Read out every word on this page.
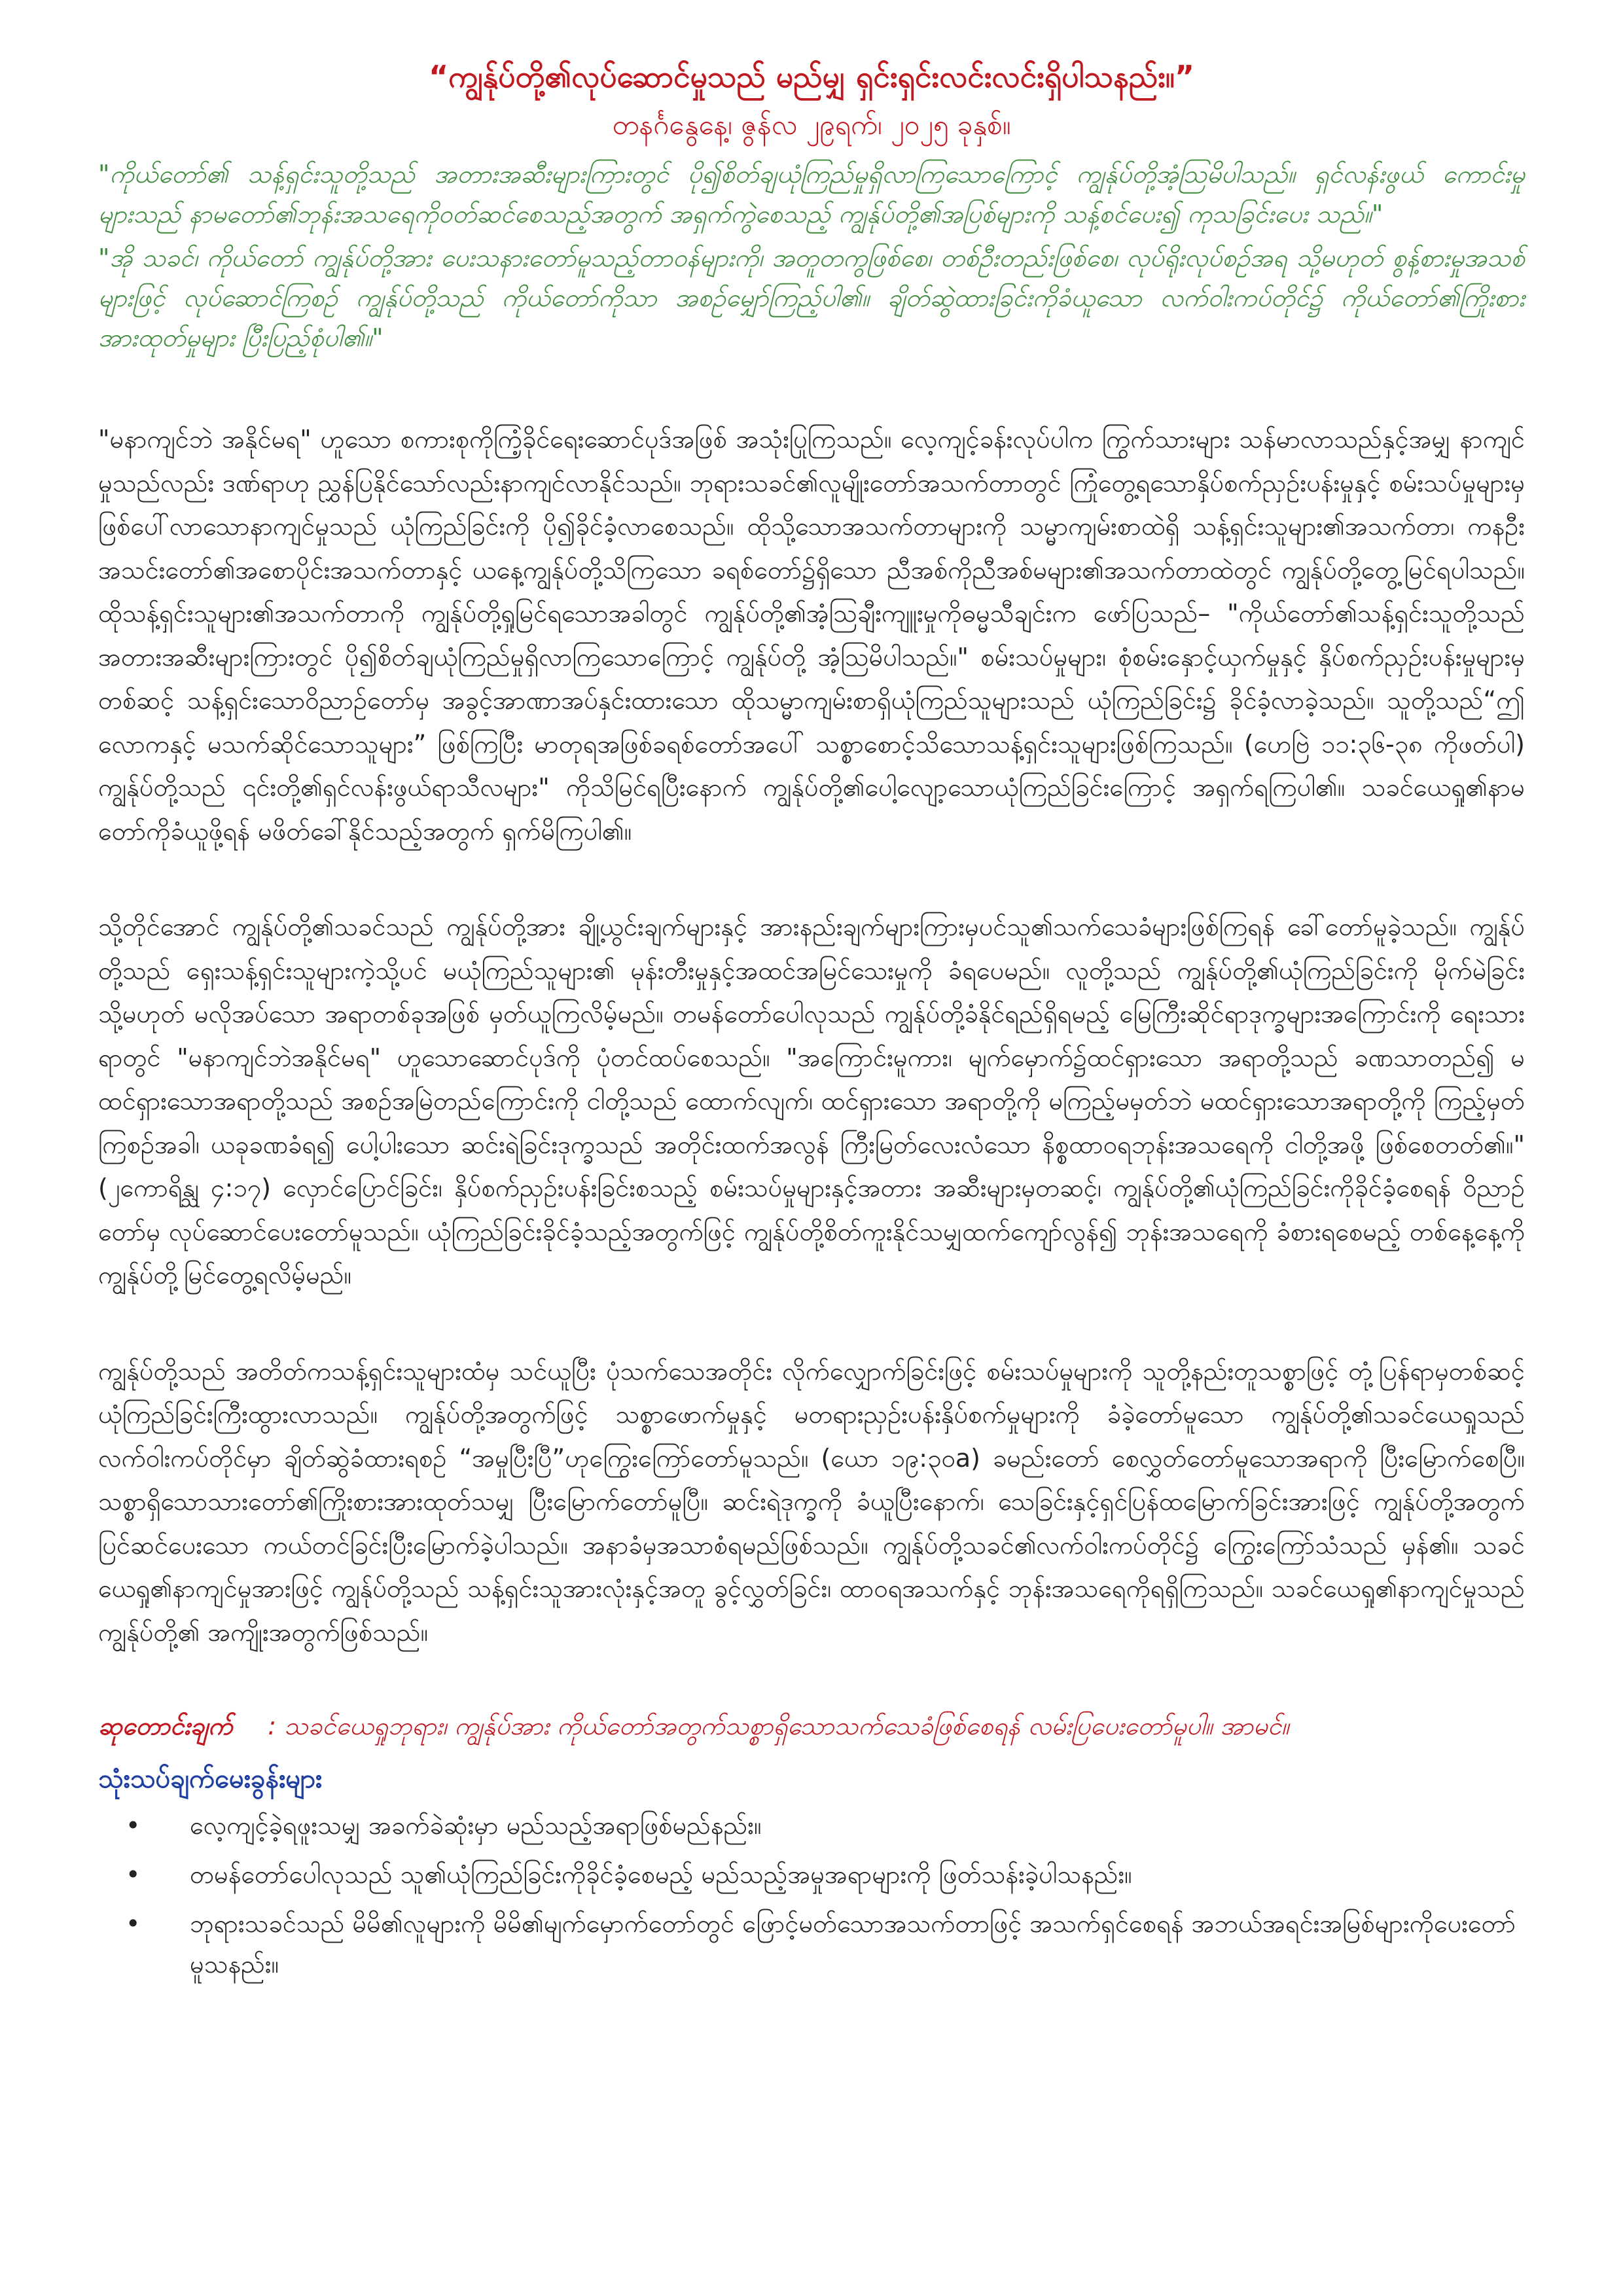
“ကျွန်ုပ်တို့၏လုပ်ဆောင်မှုသည် မည်မျှ ရှင်းရှင်းလင်းလင်းရှိပါသနည်း။”

တနင်္ဂနွေနေ့၊ ဇွန်လ ၂၉ရက်၊ ၂၀၂၅ ခုနှစ်။

"ကိုယ်တော်၏ သန့်ရှင်းသူတို့သည် အတားအဆီးများကြားတွင် ပို၍စိတ်ချယုံကြည်မှုရှိလာကြသောကြောင့် ကျွန်ုပ်တို့အံ့ဩမိပါသည်။ ရှင်လန်းဖွယ် ကောင်းမှုများသည် နာမတော်၏ဘုန်းအသရေကိုဝတ်ဆင်စေသည့်အတွက် အရှက်ကွဲစေသည့် ကျွန်ုပ်တို့၏အပြစ်များကို သန့်စင်ပေး၍ ကုသခြင်းပေး သည်။"

"အို သခင်၊ ကိုယ်တော် ကျွန်ုပ်တို့အား ပေးသနားတော်မူသည့်တာဝန်များကို၊ အတူတကွဖြစ်စေ၊ တစ်ဦးတည်းဖြစ်စေ၊ လုပ်ရိုးလုပ်စဉ်အရ သို့မဟုတ် စွန့်စားမှုအသစ်များဖြင့် လုပ်ဆောင်ကြစဉ် ကျွန်ုပ်တို့သည် ကိုယ်တော်ကိုသာ အစဉ်မျှော်ကြည့်ပါ၏။ ချိတ်ဆွဲထားခြင်းကိုခံယူသော လက်ဝါးကပ်တိုင်၌ ကိုယ်တော်၏ကြိုးစားအားထုတ်မှုများ ပြီးပြည့်စုံပါ၏။"

"မနာကျင်ဘဲ အနိုင်မရ" ဟူသော စကားစုကိုကြံ့ခိုင်ရေးဆောင်ပုဒ်အဖြစ် အသုံးပြုကြသည်။ လေ့ကျင့်ခန်းလုပ်ပါက ကြွက်သားများ သန်မာလာသည်နှင့်အမျှ နာကျင်မှုသည်လည်း ဒဏ်ရာဟု ညွှန်ပြနိုင်သော်လည်းနာကျင်လာနိုင်သည်။ ဘုရားသခင်၏လူမျိုးတော်အသက်တာတွင် ကြုံတွေ့ရသောနှိပ်စက်ညှဉ်းပန်းမှုနှင့် စမ်းသပ်မှုများမှ ဖြစ်ပေါ်လာသောနာကျင်မှုသည် ယုံကြည်ခြင်းကို ပို၍ခိုင်ခံ့လာစေသည်။ ထိုသို့သောအသက်တာများကို သမ္မာကျမ်းစာထဲရှိ သန့်ရှင်းသူများ၏အသက်တာ၊ ကနဦးအသင်းတော်၏အစောပိုင်းအသက်တာနှင့် ယနေ့ကျွန်ုပ်တို့သိကြသော ခရစ်တော်၌ရှိသော ညီအစ်ကိုညီအစ်မများ၏အသက်တာထဲတွင် ကျွန်ုပ်တို့တွေ့မြင်ရပါသည်။ ထိုသန့်ရှင်းသူများ၏အသက်တာကို ကျွန်ုပ်တို့ရှုမြင်ရသောအခါတွင် ကျွန်ုပ်တို့၏အံ့သြချီးကျူးမှုကိုဓမ္မသီချင်းက ဖော်ပြသည်– "ကိုယ်တော်၏သန့်ရှင်းသူတို့သည် အတားအဆီးများကြားတွင် ပို၍စိတ်ချယုံကြည်မှုရှိလာကြသောကြောင့် ကျွန်ုပ်တို့ အံ့သြမိပါသည်။" စမ်းသပ်မှုများ၊ စုံစမ်းနှောင့်ယှက်မှုနှင့် နှိပ်စက်ညှဉ်းပန်းမှုများမှတစ်ဆင့် သန့်ရှင်းသောဝိညာဉ်တော်မှ အခွင့်အာဏာအပ်နှင်းထားသော ထိုသမ္မာကျမ်းစာရှိယုံကြည်သူများသည် ယုံကြည်ခြင်း၌ ခိုင်ခံ့လာခဲ့သည်။ သူတို့သည်“ဤလောကနှင့် မသက်ဆိုင်သောသူများ” ဖြစ်ကြပြီး မာတုရအဖြစ်ခရစ်တော်အပေါ် သစ္စာစောင့်သိသောသန့်ရှင်းသူများဖြစ်ကြသည်။ (ဟေဗြဲ ၁၁:၃၆-၃၈ ကိုဖတ်ပါ) ကျွန်ုပ်တို့သည် ၎င်းတို့၏ရှင်လန်းဖွယ်ရာသီလများ" ကိုသိမြင်ရပြီးနောက် ကျွန်ုပ်တို့၏ပေါ့လျော့သောယုံကြည်ခြင်းကြောင့် အရှက်ရကြပါ၏။ သခင်ယေရှု၏နာမတော်ကိုခံယူဖို့ရန် မဖိတ်ခေါ်နိုင်သည့်အတွက် ရှက်မိကြပါ၏။

သို့တိုင်အောင် ကျွန်ုပ်တို့၏သခင်သည် ကျွန်ုပ်တို့အား ချို့ယွင်းချက်များနှင့် အားနည်းချက်များကြားမှပင်သူ၏သက်သေခံများဖြစ်ကြရန် ခေါ်တော်မူခဲ့သည်။ ကျွန်ုပ်တို့သည် ရှေးသန့်ရှင်းသူများကဲ့သို့ပင် မယုံကြည်သူများ၏ မုန်းတီးမှုနှင့်အထင်အမြင်သေးမှုကို ခံရပေမည်။ လူတို့သည် ကျွန်ုပ်တို့၏ယုံကြည်ခြင်းကို မိုက်မဲခြင်း သို့မဟုတ် မလိုအပ်သော အရာတစ်ခုအဖြစ် မှတ်ယူကြလိမ့်မည်။ တမန်တော်ပေါလုသည် ကျွန်ုပ်တို့ခံနိုင်ရည်ရှိရမည့် မြေကြီးဆိုင်ရာဒုက္ခများအကြောင်းကို ရေးသားရာတွင် "မနာကျင်ဘဲအနိုင်မရ" ဟူသောဆောင်ပုဒ်ကို ပုံတင်ထပ်စေသည်။ "အကြောင်းမူကား၊ မျက်မှောက်၌ထင်ရှားသော အရာတို့သည် ခဏသာတည်၍ မထင်ရှားသောအရာတို့သည် အစဉ်အမြဲတည်ကြောင်းကို ငါတို့သည် ထောက်လျက်၊ ထင်ရှားသော အရာတို့ကို မကြည့်မမှတ်ဘဲ မထင်ရှားသောအရာတို့ကို ကြည့်မှတ်ကြစဉ်အခါ၊ ယခုခဏခံရ၍ ပေါ့ပါးသော ဆင်းရဲခြင်းဒုက္ခသည် အတိုင်းထက်အလွန် ကြီးမြတ်လေးလံသော နိစ္စထာဝရဘုန်းအသရေကို ငါတို့အဖို့ ဖြစ်စေတတ်၏။" (၂ကောရိန္သု ၄:၁၇) လှောင်ပြောင်ခြင်း၊ နှိပ်စက်ညှဉ်းပန်းခြင်းစသည့် စမ်းသပ်မှုများနှင့်အတား အဆီးများမှတဆင့်၊ ကျွန်ုပ်တို့၏ယုံကြည်ခြင်းကိုခိုင်ခံ့စေရန် ဝိညာဉ်တော်မှ လုပ်ဆောင်ပေးတော်မူသည်။ ယုံကြည်ခြင်းခိုင်ခံ့သည့်အတွက်ဖြင့် ကျွန်ုပ်တို့စိတ်ကူးနိုင်သမျှထက်ကျော်လွန်၍ ဘုန်းအသရေကို ခံစားရစေမည့် တစ်နေ့နေ့ကို ကျွန်ုပ်တို့မြင်တွေ့ရလိမ့်မည်။

ကျွန်ုပ်တို့သည် အတိတ်ကသန့်ရှင်းသူများထံမှ သင်ယူပြီး ပုံသက်သေအတိုင်း လိုက်လျှောက်ခြင်းဖြင့် စမ်းသပ်မှုများကို သူတို့နည်းတူသစ္စာဖြင့် တုံ့ပြန်ရာမှတစ်ဆင့် ယုံကြည်ခြင်းကြီးထွားလာသည်။ ကျွန်ုပ်တို့အတွက်ဖြင့် သစ္စာဖောက်မှုနှင့် မတရားညှဉ်းပန်းနှိပ်စက်မှုများကို ခံခဲ့တော်မူသော ကျွန်ုပ်တို့၏သခင်ယေရှုသည် လက်ဝါးကပ်တိုင်မှာ ချိတ်ဆွဲခံထားရစဉ် “အမှုပြီးပြီ”ဟုကြွေးကြော်တော်မူသည်။ (ယော ၁၉:၃၀a) ခမည်းတော် စေလွှတ်တော်မူသောအရာကို ပြီးမြောက်စေပြီ။ သစ္စာရှိသောသားတော်၏ကြိုးစားအားထုတ်သမျှ ပြီးမြောက်တော်မူပြီ။ ဆင်းရဲဒုက္ခကို ခံယူပြီးနောက်၊ သေခြင်းနှင့်ရှင်ပြန်ထမြောက်ခြင်းအားဖြင့် ကျွန်ုပ်တို့အတွက် ပြင်ဆင်ပေးသော ကယ်တင်ခြင်းပြီးမြောက်ခဲ့ပါသည်။ အနာခံမှအသာစံရမည်ဖြစ်သည်။ ကျွန်ုပ်တို့သခင်၏လက်ဝါးကပ်တိုင်၌ ကြွေးကြော်သံသည် မှန်၏။ သခင်ယေရှု၏နာကျင်မှုအားဖြင့် ကျွန်ုပ်တို့သည် သန့်ရှင်းသူအားလုံးနှင့်အတူ ခွင့်လွှတ်ခြင်း၊ ထာဝရအသက်နှင့် ဘုန်းအသရေကိုရရှိကြသည်။ သခင်ယေရှု၏နာကျင်မှုသည် ကျွန်ုပ်တို့၏ အကျိုးအတွက်ဖြစ်သည်။

ဆုတောင်းချက် : သခင်ယေရှုဘုရား၊ ကျွန်ုပ်အား ကိုယ်တော်အတွက်သစ္စာရှိသောသက်သေခံဖြစ်စေရန် လမ်းပြပေးတော်မူပါ။ အာမင်။
သုံးသပ်ချက်မေးခွန်းများ
• လေ့ကျင့်ခဲ့ရဖူးသမျှ အခက်ခဲဆုံးမှာ မည်သည့်အရာဖြစ်မည်နည်း။
• တမန်တော်ပေါလုသည် သူ၏ယုံကြည်ခြင်းကိုခိုင်ခံ့စေမည့် မည်သည့်အမှုအရာများကို ဖြတ်သန်းခဲ့ပါသနည်း။
• ဘုရားသခင်သည် မိမိ၏လူများကို မိမိ၏မျက်မှောက်တော်တွင် ဖြောင့်မတ်သောအသက်တာဖြင့် အသက်ရှင်စေရန် အဘယ်အရင်းအမြစ်များကိုပေးတော်မူသနည်း။
